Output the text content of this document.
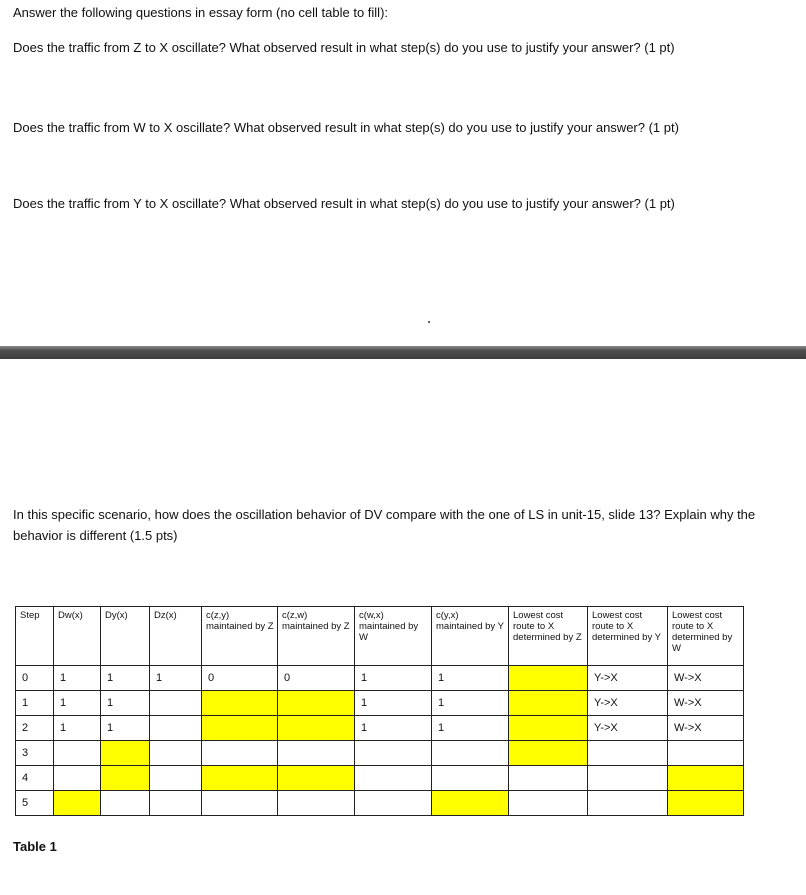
Answer the following questions in essay form (no cell table to fill):

Does the traffic from Z to X oscillate? What observed result in what step(s) do you use to justify your answer? (1 pt)

Does the traffic from W to X oscillate? What observed result in what step(s) do you use to justify your answer? (1 pt)

Does the traffic from Y to X oscillate? What observed result in what step(s) do you use to justify your answer? (1 pt)

In this specific scenario, how does the oscillation behavior of DV compare with the one of LS in unit-15, slide 13? Explain why the behavior is different (1.5 pts)

Step	Dw(x)	Dy(x)	Dz(x)	c(z,y) maintained by Z	c(z,w) maintained by Z	c(w,x) maintained by W	c(y,x) maintained by Y	Lowest cost route to X determined by Z	Lowest cost route to X determined by Y	Lowest cost route to X determined by W
0	1	1	1	0	0	1	1		Y->X	W->X
1	1	1				1	1		Y->X	W->X
2	1	1				1	1		Y->X	W->X
3										
4										
5										

Table 1
